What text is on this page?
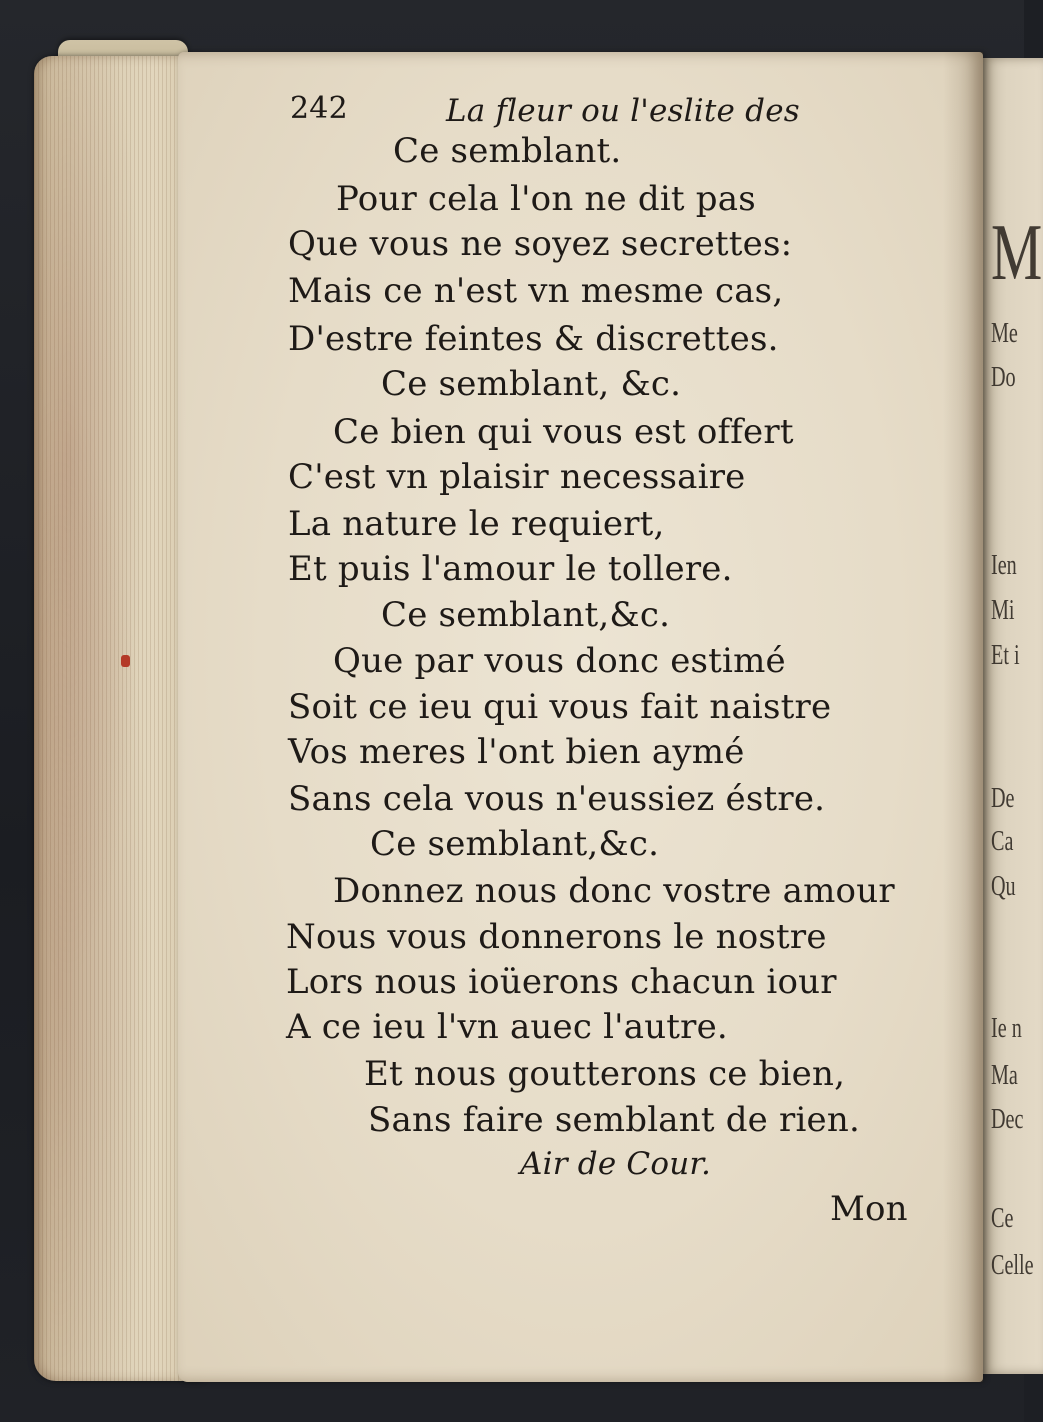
M
Me
Do
Ien
Mi
Et i
De
Ca
Qu
Ie n
Ma
Dec
Ce
Celle
242	La fleur ou l'eslite des
Ce semblant.
Pour cela l'on ne dit pas
Que vous ne soyez secrettes:
Mais ce n'est vn mesme cas,
D'estre feintes & discrettes.
Ce semblant, &c.
Ce bien qui vous est offert
C'est vn plaisir necessaire
La nature le requiert,
Et puis l'amour le tollere.
Ce semblant,&c.
Que par vous donc estimé
Soit ce ieu qui vous fait naistre
Vos meres l'ont bien aymé
Sans cela vous n'eussiez éstre.
Ce semblant,&c.
Donnez nous donc vostre amour
Nous vous donnerons le nostre
Lors nous ioüerons chacun iour
A ce ieu l'vn auec l'autre.
Et nous goutterons ce bien,
Sans faire semblant de rien.
Air de Cour.
Mon
